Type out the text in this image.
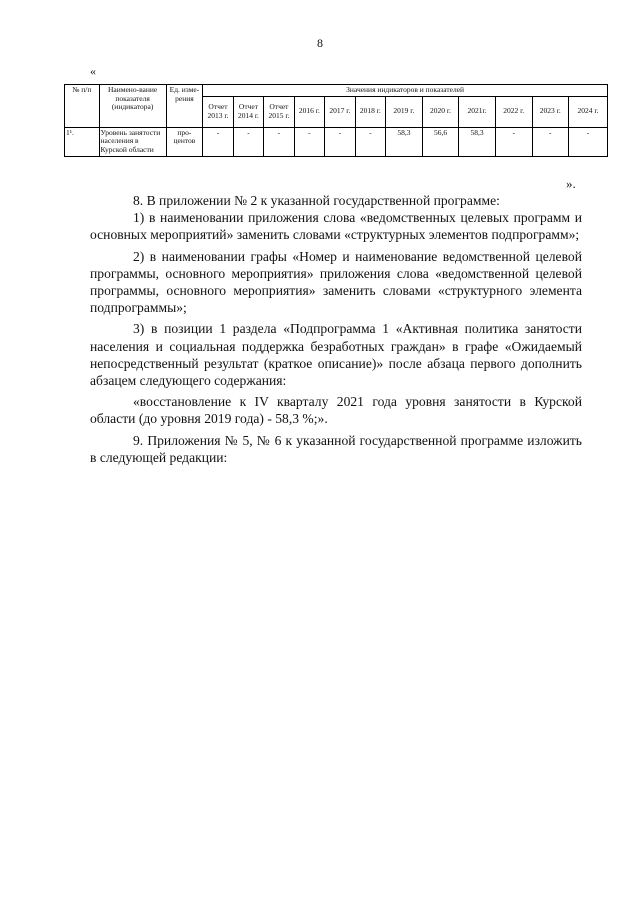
8
«
№ п/п	Наимено-вание показателя (индикатора)	Ед. изме-рения	Значения индикаторов и показателей											
			Отчет 2013 г.	Отчет 2014 г.	Отчет 2015 г.	2016 г.	2017 г.	2018 г.	2019 г.	2020 г.	2021г.	2022 г.	2023 г.	2024 г.
1¹.	Уровень занятости населения в Курской области	про-центов	-	-	-	-	-	-	58,3	56,6	58,3	-	-	-
».

8. В приложении № 2 к указанной государственной программе:

1) в наименовании приложения слова «ведомственных целевых программ и основных мероприятий» заменить словами «структурных элементов подпрограмм»;

2) в наименовании графы «Номер и наименование ведомственной целевой программы, основного мероприятия» приложения слова «ведомственной целевой программы, основного мероприятия» заменить словами «структурного элемента подпрограммы»;

3) в позиции 1 раздела «Подпрограмма 1 «Активная политика занятости населения и социальная поддержка безработных граждан» в графе «Ожидаемый непосредственный результат (краткое описание)» после абзаца первого дополнить абзацем следующего содержания:

«восстановление к IV кварталу 2021 года уровня занятости в Курской области (до уровня 2019 года) - 58,3 %;».

9. Приложения № 5, № 6 к указанной государственной программе изложить в следующей редакции:
